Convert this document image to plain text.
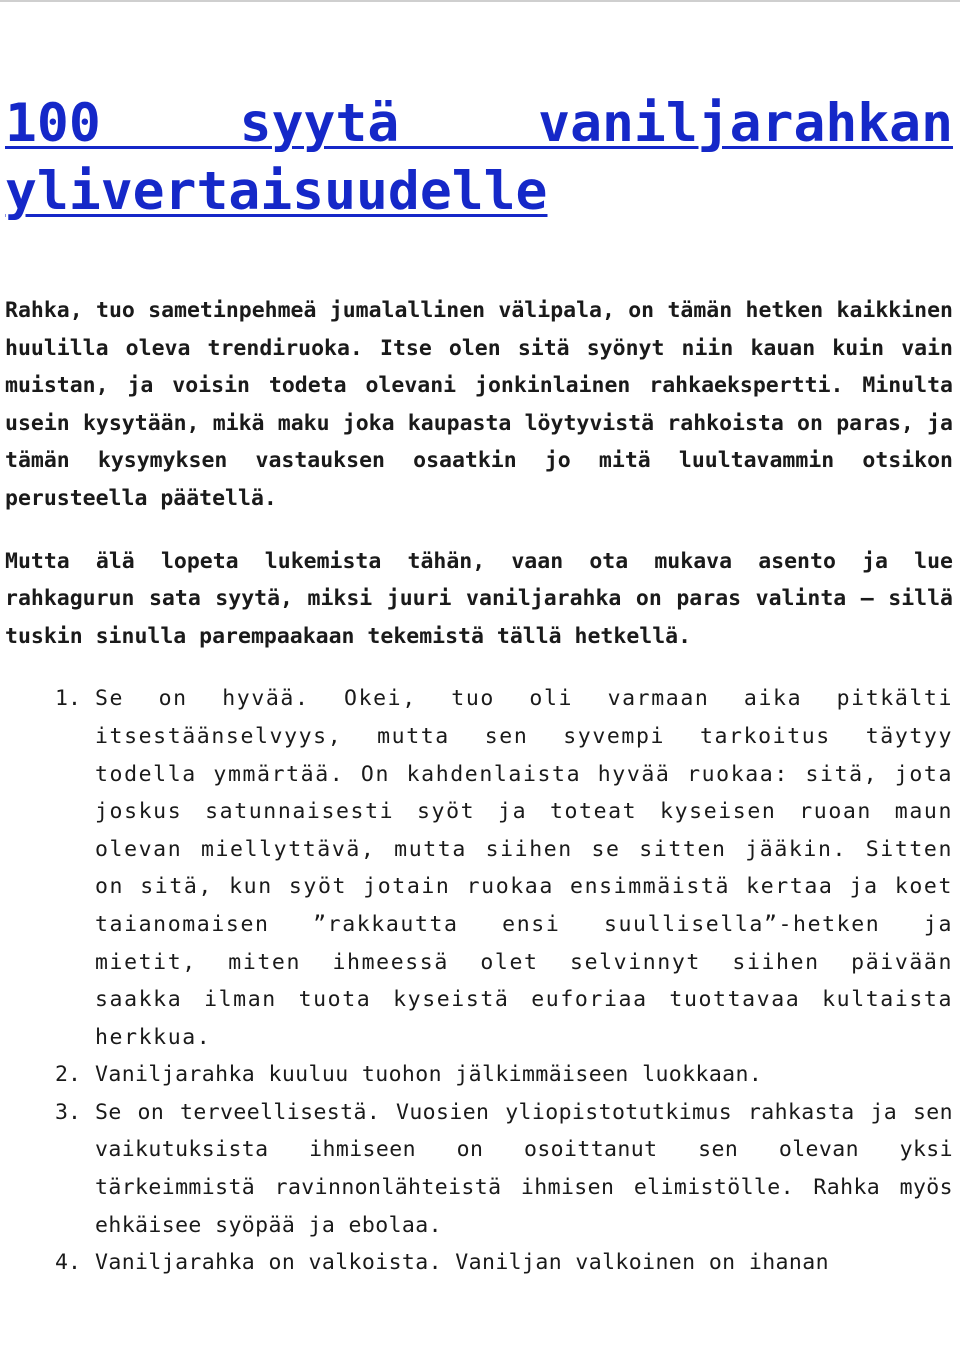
100 syytä vaniljarahkan ylivertaisuudelle

Rahka, tuo sametinpehmeä jumalallinen välipala, on tämän hetken kaikkinen huulilla oleva trendiruoka. Itse olen sitä syönyt niin kauan kuin vain muistan, ja voisin todeta olevani jonkinlainen rahkaekspertti. Minulta usein kysytään, mikä maku joka kaupasta löytyvistä rahkoista on paras, ja tämän kysymyksen vastauksen osaatkin jo mitä luultavammin otsikon perusteella päätellä.

Mutta älä lopeta lukemista tähän, vaan ota mukava asento ja lue rahkagurun sata syytä, miksi juuri vaniljarahka on paras valinta – sillä tuskin sinulla parempaakaan tekemistä tällä hetkellä.

1. Se on hyvää. Okei, tuo oli varmaan aika pitkälti itsestäänselvyys, mutta sen syvempi tarkoitus täytyy todella ymmärtää. On kahdenlaista hyvää ruokaa: sitä, jota joskus satunnaisesti syöt ja toteat kyseisen ruoan maun olevan miellyttävä, mutta siihen se sitten jääkin. Sitten on sitä, kun syöt jotain ruokaa ensimmäistä kertaa ja koet taianomaisen ”rakkautta ensi suullisella”-hetken ja mietit, miten ihmeessä olet selvinnyt siihen päivään saakka ilman tuota kyseistä euforiaa tuottavaa kultaista herkkua.
2. Vaniljarahka kuuluu tuohon jälkimmäiseen luokkaan.
3. Se on terveellisestä. Vuosien yliopistotutkimus rahkasta ja sen vaikutuksista ihmiseen on osoittanut sen olevan yksi tärkeimmistä ravinnonlähteistä ihmisen elimistölle. Rahka myös ehkäisee syöpää ja ebolaa.
4. Vaniljarahka on valkoista. Vaniljan valkoinen on ihanan
